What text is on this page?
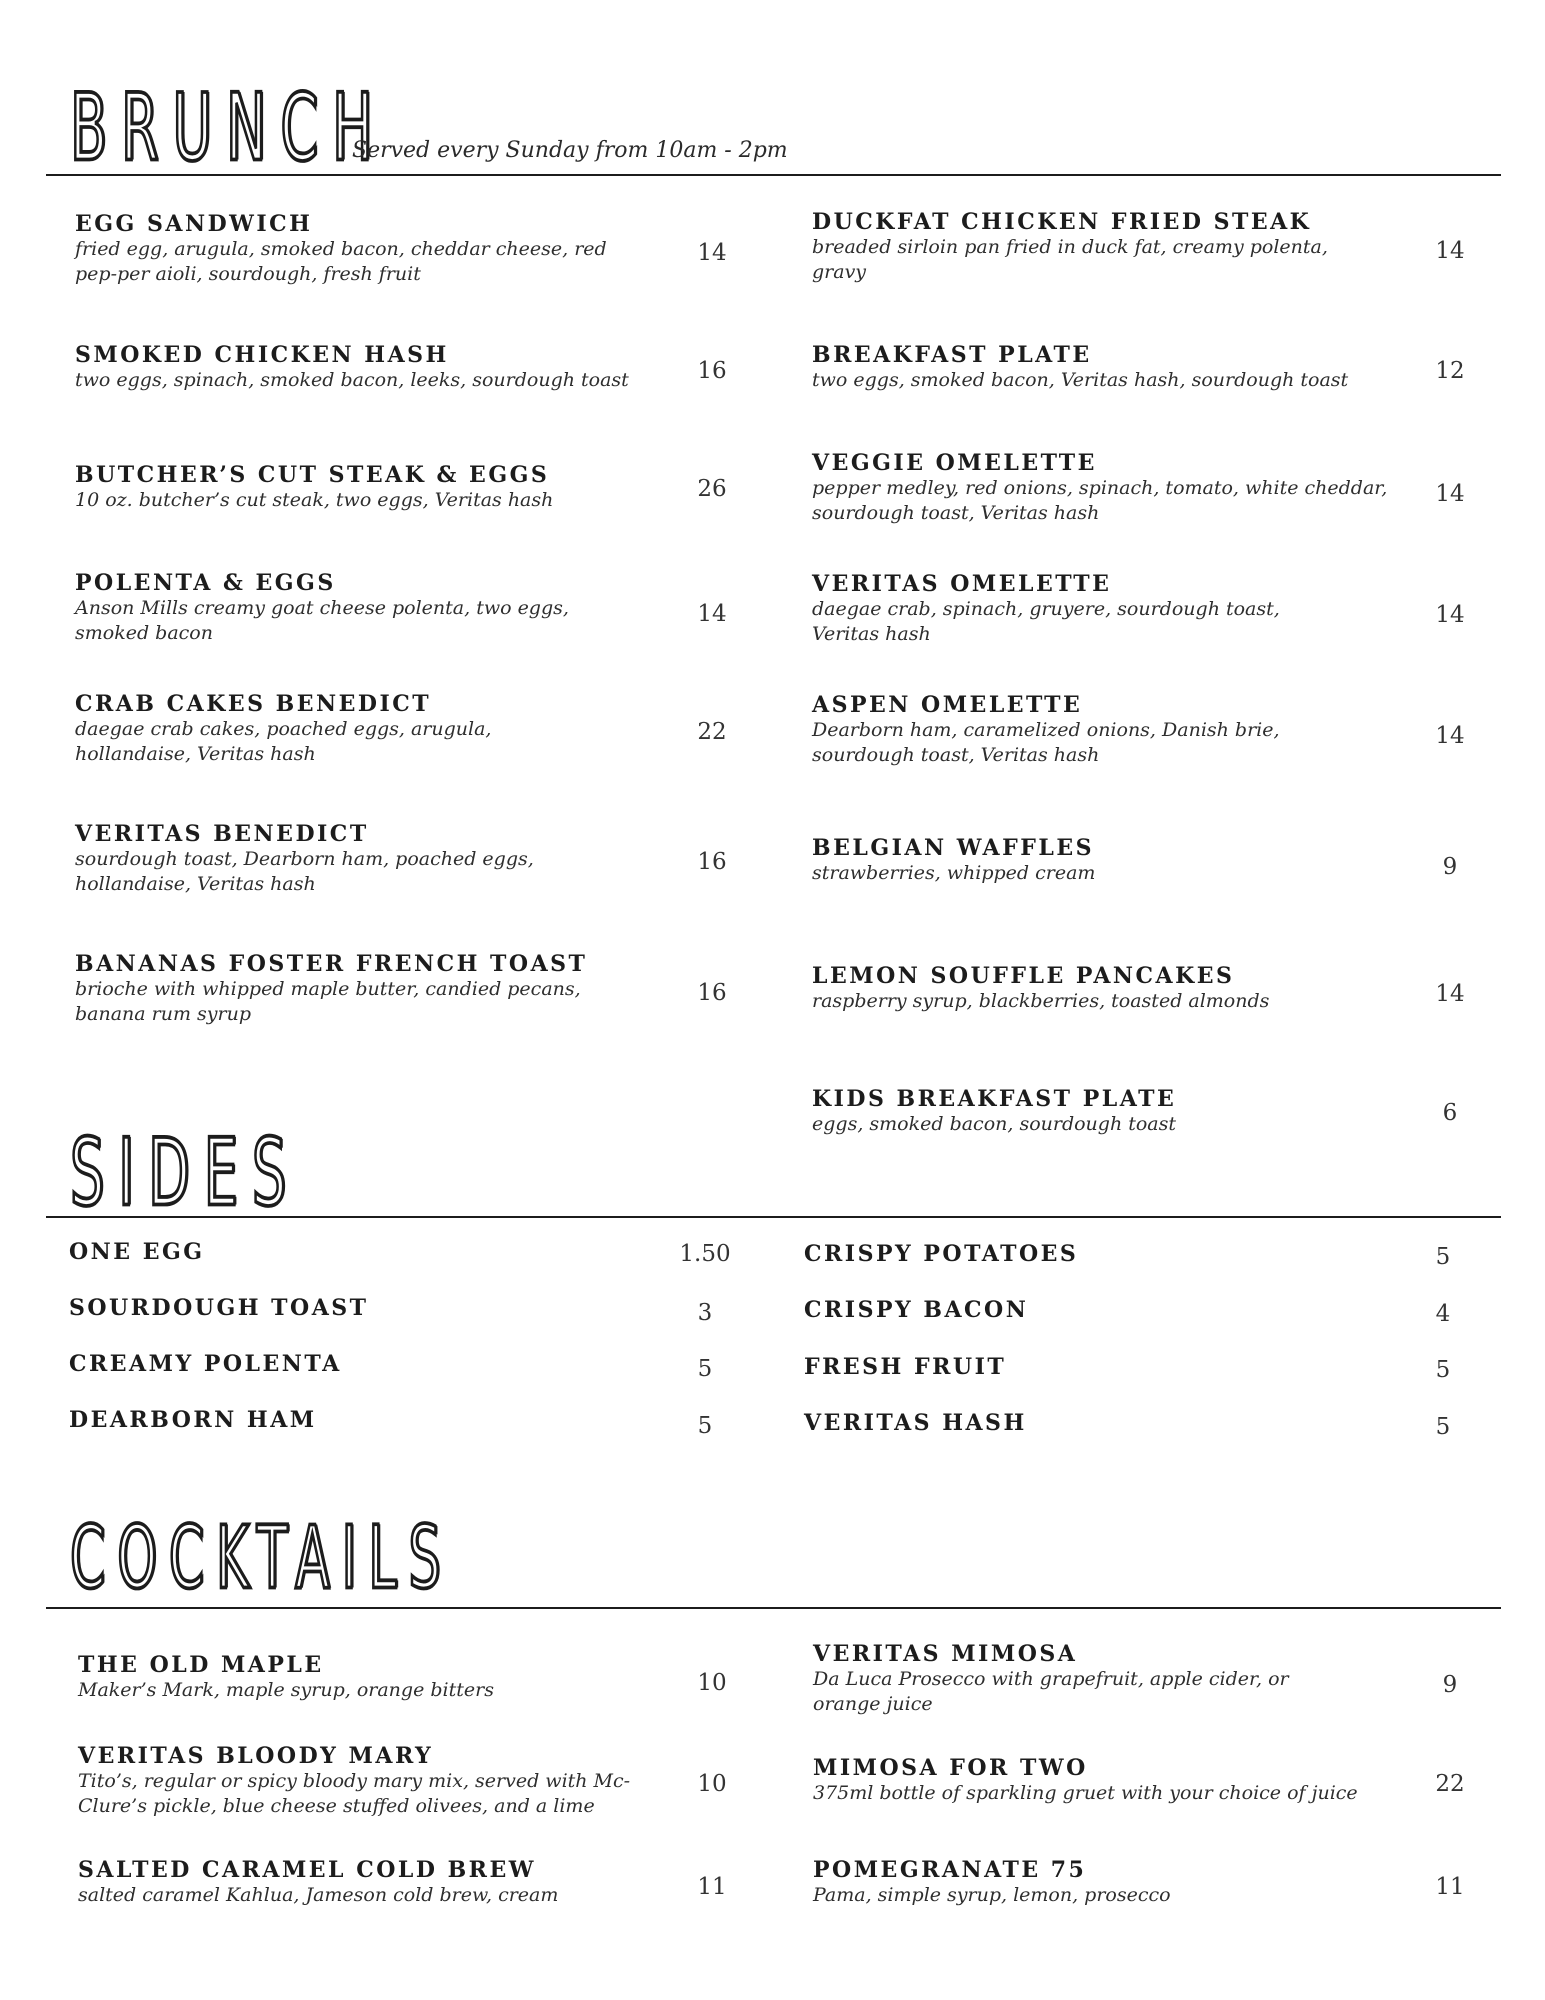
BRUNCH
Served every Sunday from 10am - 2pm
EGG SANDWICH
fried egg, arugula, smoked bacon, cheddar cheese, red pep-per aioli, sourdough, fresh fruit
14
SMOKED CHICKEN HASH
two eggs, spinach, smoked bacon, leeks, sourdough toast	16
BUTCHER’S CUT STEAK & EGGS
10 oz. butcher’s cut steak, two eggs, Veritas hash	26
POLENTA & EGGS
Anson Mills creamy goat cheese polenta, two eggs, smoked bacon
14
CRAB CAKES BENEDICT
daegae crab cakes, poached eggs, arugula, hollandaise, Veritas hash
22
VERITAS BENEDICT
sourdough toast, Dearborn ham, poached eggs, hollandaise, Veritas hash
16
BANANAS FOSTER FRENCH TOAST
brioche with whipped maple butter, candied pecans, banana rum syrup
16
DUCKFAT CHICKEN FRIED STEAK
breaded sirloin pan fried in duck fat, creamy polenta, gravy
14
BREAKFAST PLATE
two eggs, smoked bacon, Veritas hash, sourdough toast	12
VEGGIE OMELETTE
pepper medley, red onions, spinach, tomato, white cheddar, sourdough toast, Veritas hash
14
VERITAS OMELETTE
daegae crab, spinach, gruyere, sourdough toast, Veritas hash
14
ASPEN OMELETTE
Dearborn ham, caramelized onions, Danish brie, sourdough toast, Veritas hash
14
BELGIAN WAFFLES
strawberries, whipped cream	9
LEMON SOUFFLE PANCAKES
raspberry syrup, blackberries, toasted almonds	14
KIDS BREAKFAST PLATE
eggs, smoked bacon, sourdough toast	6
SIDES
ONE EGG	1.50
SOURDOUGH TOAST	3
CREAMY POLENTA	5
DEARBORN HAM	5
CRISPY POTATOES	5
CRISPY BACON	4
FRESH FRUIT	5
VERITAS HASH	5
COCKTAILS
THE OLD MAPLE
Maker’s Mark, maple syrup, orange bitters	10
VERITAS BLOODY MARY
Tito’s, regular or spicy bloody mary mix, served with Mc-Clure’s pickle, blue cheese stuffed olivees, and a lime
10
SALTED CARAMEL COLD BREW
salted caramel Kahlua, Jameson cold brew, cream	11
VERITAS MIMOSA
Da Luca Prosecco with grapefruit, apple cider, or orange juice
9
MIMOSA FOR TWO
375ml bottle of sparkling gruet with your choice of juice	22
POMEGRANATE 75
Pama, simple syrup, lemon, prosecco	11
